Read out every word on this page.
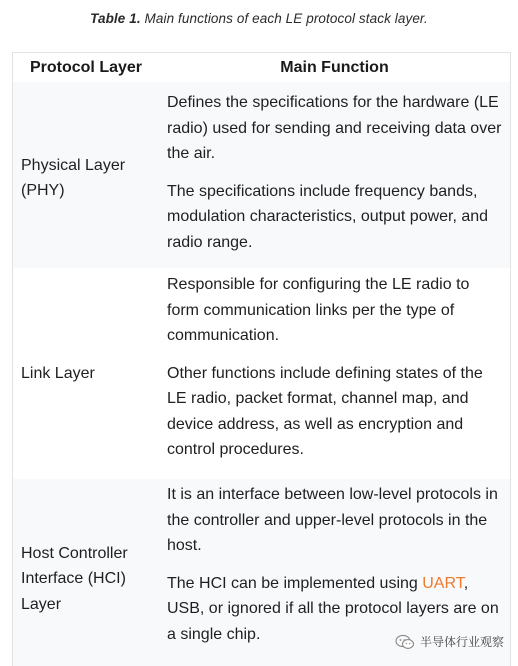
Table 1. Main functions of each LE protocol stack layer.
Protocol Layer	Main Function
Physical Layer (PHY)

Defines the specifications for the hardware (LE radio) used for sending and receiving data over the air.

The specifications include frequency bands, modulation characteristics, output power, and radio range.

Link Layer

Responsible for configuring the LE radio to form communication links per the type of communication.

Other functions include defining states of the LE radio, packet format, channel map, and device address, as well as encryption and control procedures.

Host Controller Interface (HCI) Layer

It is an interface between low-level protocols in the controller and upper-level protocols in the host.

The HCI can be implemented using UART, USB, or ignored if all the protocol layers are on a single chip.	半导体行业观察
